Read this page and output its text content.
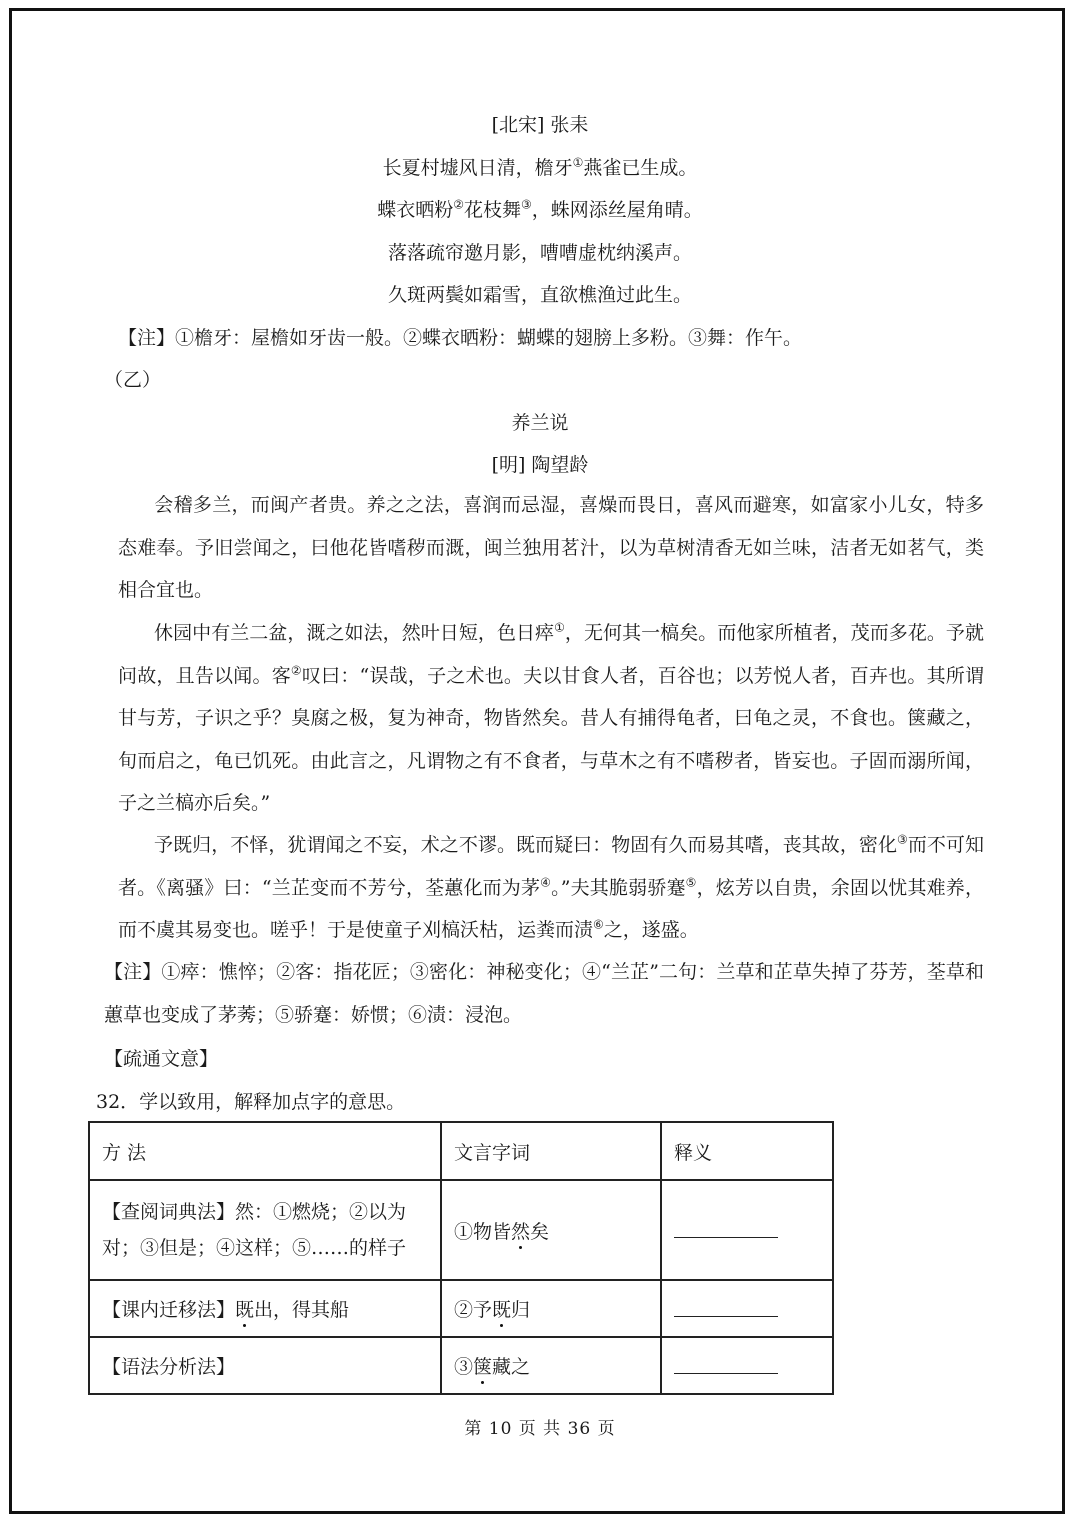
[北宋] 张耒
长夏村墟风日清，檐牙①燕雀已生成。
蝶衣晒粉②花枝舞③，蛛网添丝屋角晴。
落落疏帘邀月影，嘈嘈虚枕纳溪声。
久斑两鬓如霜雪，直欲樵渔过此生。
【注】①檐牙：屋檐如牙齿一般。②蝶衣晒粉：蝴蝶的翅膀上多粉。③舞：作午。
（乙）
养兰说
[明] 陶望龄
会稽多兰，而闽产者贵。养之之法，喜润而忌湿，喜燥而畏日，喜风而避寒，如富家小儿女，特多态难奉。予旧尝闻之，曰他花皆嗜秽而溉，闽兰独用茗汁，以为草树清香无如兰味，洁者无如茗气，类相合宜也。
休园中有兰二盆，溉之如法，然叶日短，色日瘁①，无何其一槁矣。而他家所植者，茂而多花。予就问故，且告以闻。客②叹曰：“误哉，子之术也。夫以甘食人者，百谷也；以芳悦人者，百卉也。其所谓甘与芳，子识之乎？臭腐之极，复为神奇，物皆然矣。昔人有捕得龟者，曰龟之灵，不食也。箧藏之，旬而启之，龟已饥死。由此言之，凡谓物之有不食者，与草木之有不嗜秽者，皆妄也。子固而溺所闻，子之兰槁亦后矣。”
予既归，不怿，犹谓闻之不妄，术之不谬。既而疑曰：物固有久而易其嗜，丧其故，密化③而不可知者。《离骚》曰：“兰芷变而不芳兮，荃蕙化而为茅④。”夫其脆弱骄蹇⑤，炫芳以自贵，余固以忧其难养，而不虞其易变也。嗟乎！于是使童子刈槁沃枯，运粪而渍⑥之，遂盛。
【注】①瘁：憔悴；②客：指花匠；③密化：神秘变化；④“兰芷”二句：兰草和芷草失掉了芬芳，荃草和蕙草也变成了茅莠；⑤骄蹇：娇惯；⑥渍：浸泡。
【疏通文意】
32．学以致用，解释加点字的意思。
方 法	文言字词	释义
【查阅词典法】然：①燃烧；②以为对；③但是；④这样；⑤……的样子	①物皆然矣	
【课内迁移法】既出，得其船	②予既归	
【语法分析法】	③箧藏之	
第 10 页 共 36 页
